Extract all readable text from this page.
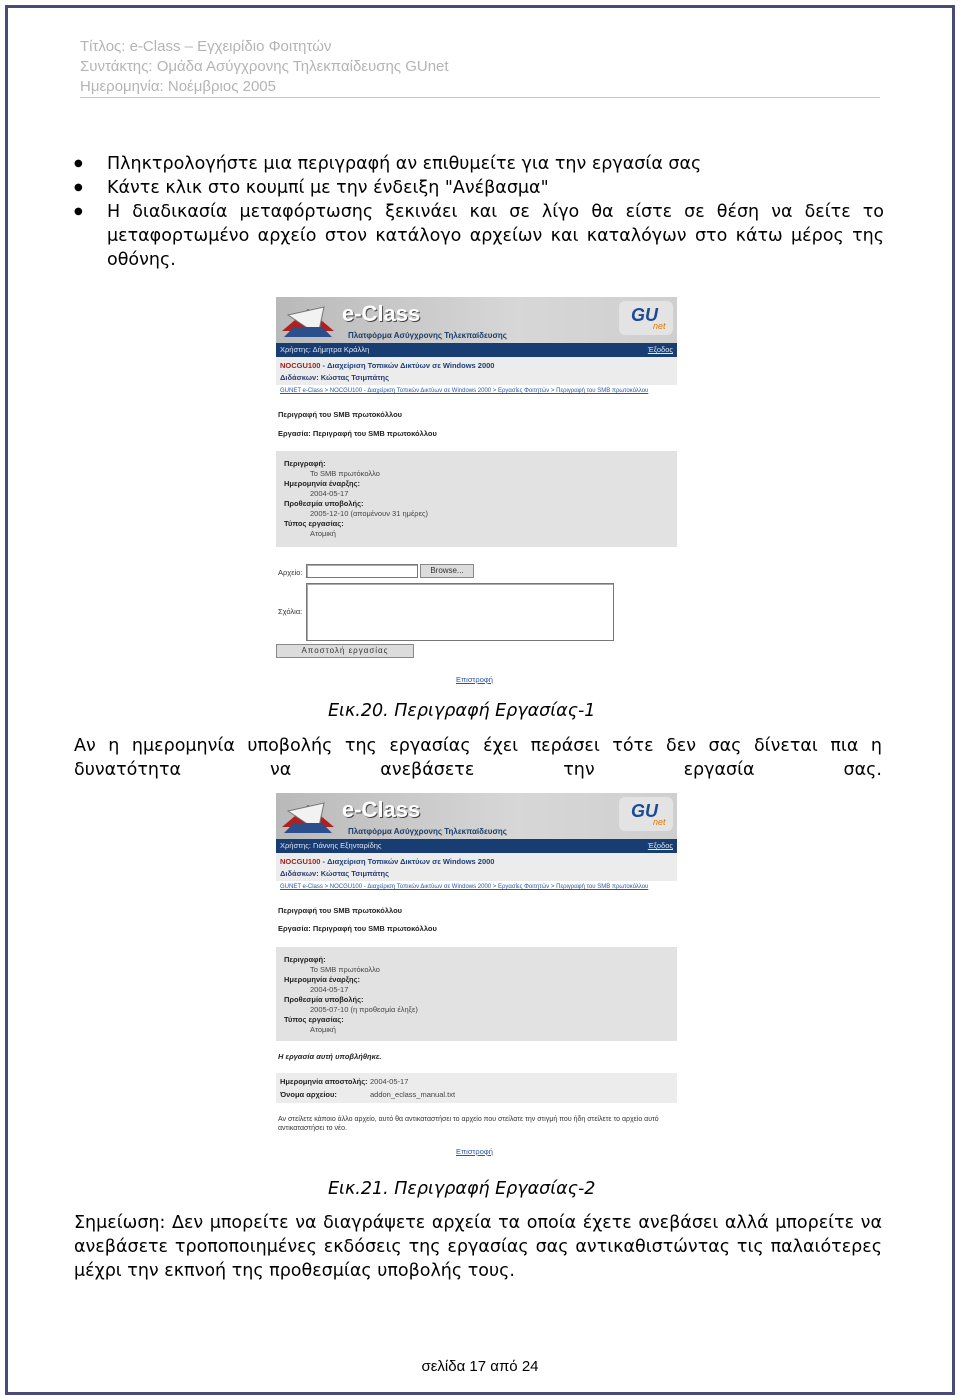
Τίτλος: e-Class – Εγχειρίδιο Φοιτητών
Συντάκτης: Ομάδα Ασύγχρονης Τηλεκπαίδευσης GUnet
Ημερομηνία: Νοέμβριος 2005
● Πληκτρολογήστε μια περιγραφή αν επιθυμείτε για την εργασία σας
● Κάντε κλικ στο κουμπί με την ένδειξη "Ανέβασμα"
● Η διαδικασία μεταφόρτωσης ξεκινάει και σε λίγο θα είστε σε θέση να δείτε το μεταφορτωμένο αρχείο στον κατάλογο αρχείων και καταλόγων στο κάτω μέρος της οθόνης.
e-Class
Πλατφόρμα Ασύγχρονης Τηλεκπαίδευσης
GU
net
Χρήστης: Δήμητρα Κράλλη	Έξοδος
NOCGU100 - Διαχείριση Τοπικών Δικτύων σε Windows 2000
Διδάσκων: Κώστας Τσιμπάτης
GUNET e-Class > NOCGU100 - Διαχείριση Τοπικών Δικτύων σε Windows 2000 > Εργασίες Φοιτητών > Περιγραφή του SMB πρωτοκόλλου
Περιγραφή του SMB πρωτοκόλλου
Εργασία: Περιγραφή του SMB πρωτοκόλλου
Περιγραφή:
Το SMB πρωτόκολλο
Ημερομηνία έναρξης:
2004-05-17
Προθεσμία υποβολής:
2005-12-10 (απομένουν 31 ημέρες)
Τύπος εργασίας:
Ατομική
Αρχείο:	Browse...
Σχόλια:
Αποστολή εργασίας
Επιστροφή
Εικ.20. Περιγραφή Εργασίας-1
Αν η ημερομηνία υποβολής της εργασίας έχει περάσει τότε δεν σας δίνεται πια η δυνατότητα να ανεβάσετε την εργασία σας.
e-Class
Πλατφόρμα Ασύγχρονης Τηλεκπαίδευσης
GU
net
Χρήστης: Γιάννης Εξηνταρίδης	Έξοδος
NOCGU100 - Διαχείριση Τοπικών Δικτύων σε Windows 2000
Διδάσκων: Κώστας Τσιμπάτης
GUNET e-Class > NOCGU100 - Διαχείριση Τοπικών Δικτύων σε Windows 2000 > Εργασίες Φοιτητών > Περιγραφή του SMB πρωτοκόλλου
Περιγραφή του SMB πρωτοκόλλου
Εργασία: Περιγραφή του SMB πρωτοκόλλου
Περιγραφή:
Το SMB πρωτόκολλο
Ημερομηνία έναρξης:
2004-05-17
Προθεσμία υποβολής:
2005-07-10 (η προθεσμία έληξε)
Τύπος εργασίας:
Ατομική
Η εργασία αυτή υποβλήθηκε.
Ημερομηνία αποστολής: 2004-05-17
Όνομα αρχείου:	addon_eclass_manual.txt
Αν στείλετε κάποιο άλλο αρχείο, αυτό θα αντικαταστήσει το αρχείο που στείλατε την στιγμή που ήδη στείλετε το αρχείο αυτό αντικαταστήσει το νέο.
Επιστροφή
Εικ.21. Περιγραφή Εργασίας-2
Σημείωση: Δεν μπορείτε να διαγράψετε αρχεία τα οποία έχετε ανεβάσει αλλά μπορείτε να ανεβάσετε τροποποιημένες εκδόσεις της εργασίας σας αντικαθιστώντας τις παλαιότερες μέχρι την εκπνοή της προθεσμίας υποβολής τους.
σελίδα 17 από 24
